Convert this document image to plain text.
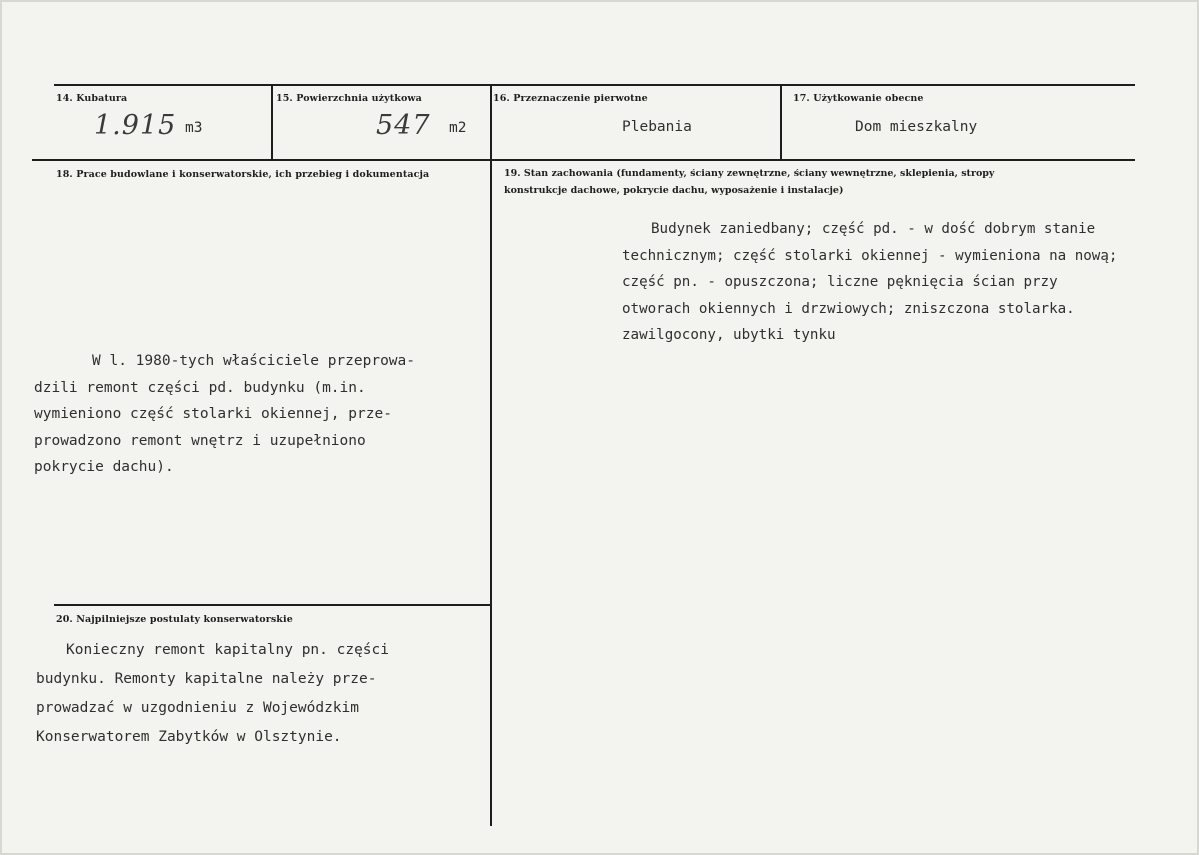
14. Kubatura
1.915 m3
15. Powierzchnia użytkowa
547 m2
16. Przeznaczenie pierwotne
Plebania
17. Użytkowanie obecne
Dom mieszkalny
18. Prace budowlane i konserwatorskie, ich przebieg i dokumentacja
W l. 1980-tych właściciele przeprowa-
dzili remont części pd. budynku (m.in.
wymieniono część stolarki okiennej, prze-
prowadzono remont wnętrz i uzupełniono
pokrycie dachu).
19. Stan zachowania (fundamenty, ściany zewnętrzne, ściany wewnętrzne, sklepienia, stropy
konstrukcje dachowe, pokrycie dachu, wyposażenie i instalacje)
Budynek zaniedbany; część pd. - w dość dobrym stanie
technicznym; część stolarki okiennej - wymieniona na nową;
część pn. - opuszczona; liczne pęknięcia ścian przy
otworach okiennych i drzwiowych; zniszczona stolarka.
zawilgocony, ubytki tynku
20. Najpilniejsze postulaty konserwatorskie
Konieczny remont kapitalny pn. części
budynku. Remonty kapitalne należy prze-
prowadzać w uzgodnieniu z Wojewódzkim
Konserwatorem Zabytków w Olsztynie.
